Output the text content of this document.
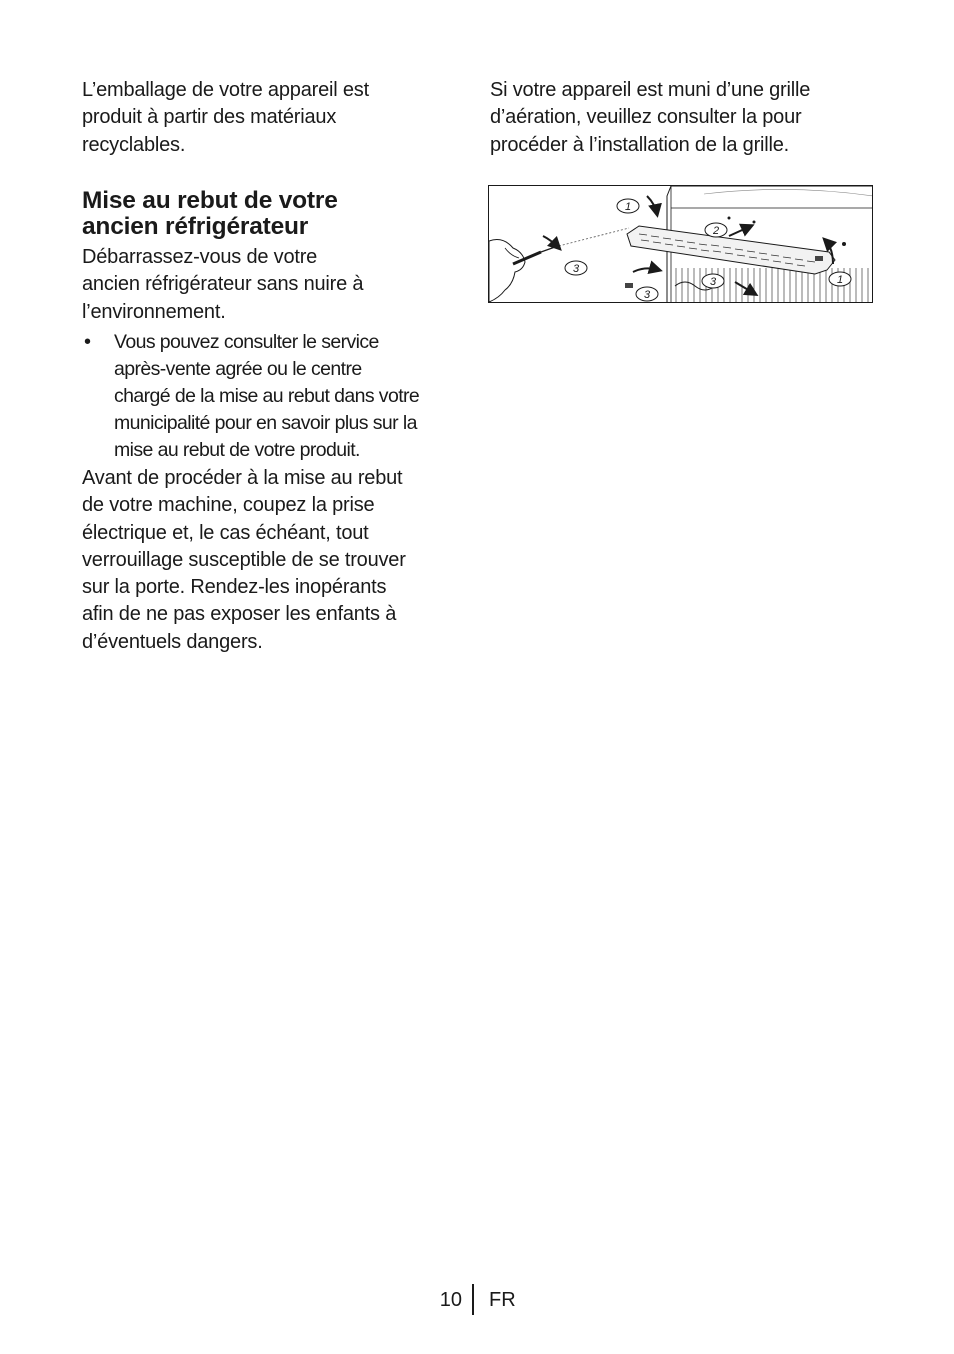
L’emballage de votre appareil est
produit à partir des matériaux
recyclables.

Mise au rebut de votre
ancien réfrigérateur

Débarrassez-vous de votre
ancien réfrigérateur sans nuire à
l’environnement.

• Vous pouvez consulter le service
après-vente agrée ou le centre
chargé de la mise au rebut dans votre
municipalité pour en savoir plus sur la
mise au rebut de votre produit.

Avant de procéder à la mise au rebut
de votre machine, coupez la prise
électrique et, le cas échéant, tout
verrouillage susceptible de se trouver
sur la porte. Rendez-les inopérants
afin de ne pas exposer les enfants à
d’éventuels dangers.

Si votre appareil est muni d’une grille
d’aération, veuillez consulter la pour
procéder à l’installation de la grille.

1
2
3
3
3
1
10 FR
